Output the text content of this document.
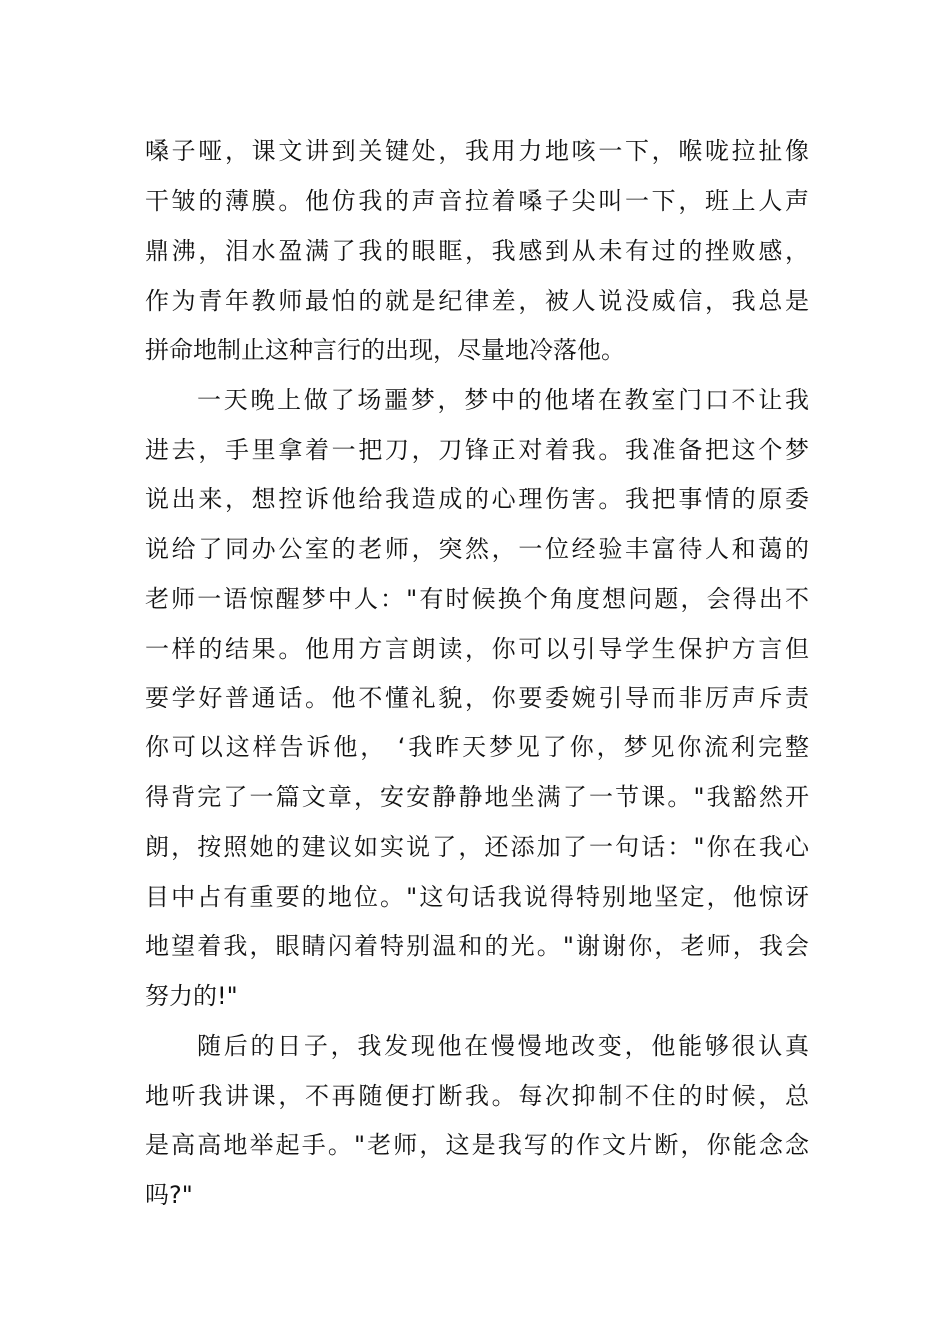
嗓子哑，课文讲到关键处，我用力地咳一下，喉咙拉扯像
干皱的薄膜。他仿我的声音拉着嗓子尖叫一下，班上人声
鼎沸，泪水盈满了我的眼眶，我感到从未有过的挫败感，
作为青年教师最怕的就是纪律差，被人说没威信，我总是
拼命地制止这种言行的出现，尽量地冷落他。
一天晚上做了场噩梦，梦中的他堵在教室门口不让我
进去，手里拿着一把刀，刀锋正对着我。我准备把这个梦
说出来，想控诉他给我造成的心理伤害。我把事情的原委
说给了同办公室的老师，突然，一位经验丰富待人和蔼的
老师一语惊醒梦中人："有时候换个角度想问题，会得出不
一样的结果。他用方言朗读，你可以引导学生保护方言但
要学好普通话。他不懂礼貌，你要委婉引导而非厉声斥责
你可以这样告诉他， ‘我昨天梦见了你，梦见你流利完整
得背完了一篇文章，安安静静地坐满了一节课。"我豁然开
朗，按照她的建议如实说了，还添加了一句话："你在我心
目中占有重要的地位。"这句话我说得特别地坚定，他惊讶
地望着我，眼睛闪着特别温和的光。"谢谢你，老师，我会
努力的!"
随后的日子，我发现他在慢慢地改变，他能够很认真
地听我讲课，不再随便打断我。每次抑制不住的时候，总
是高高地举起手。"老师，这是我写的作文片断，你能念念
吗?"
